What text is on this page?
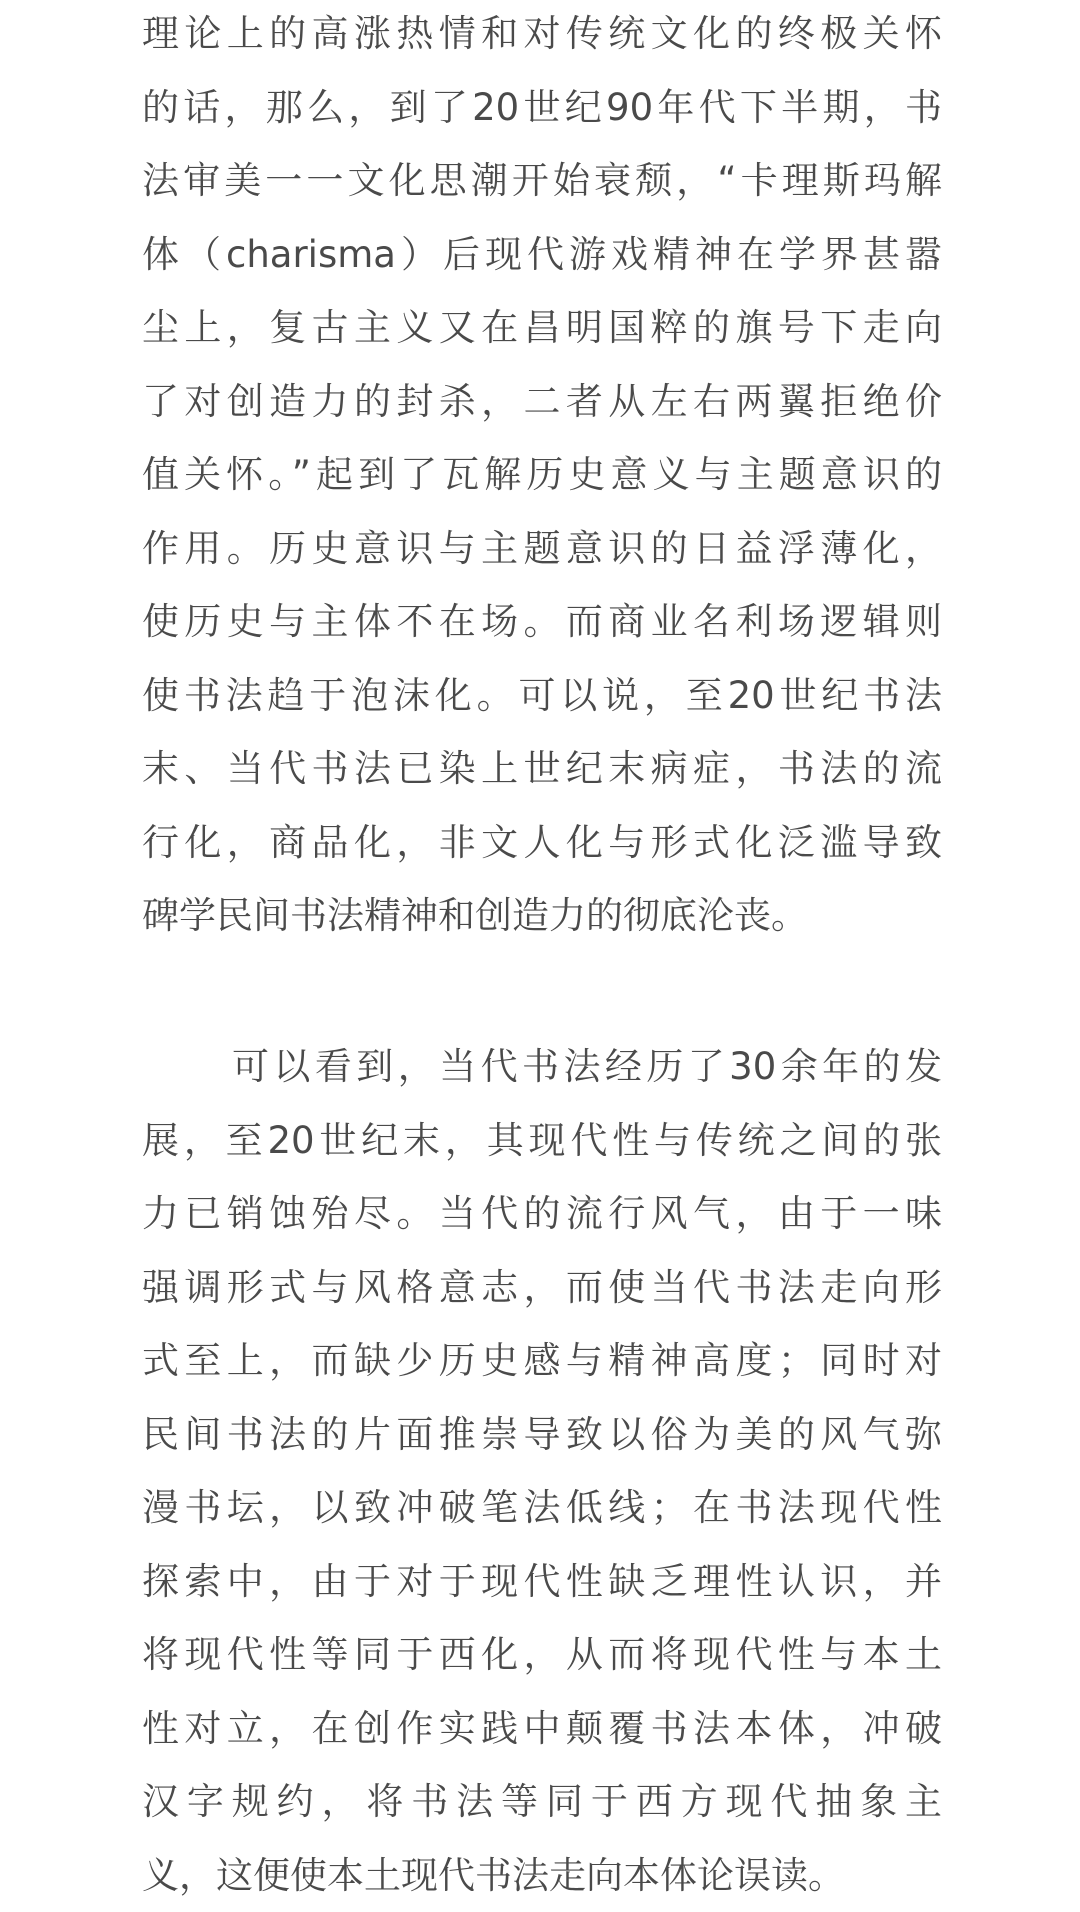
理论上的高涨热情和对传统文化的终极关怀
的话，那么，到了20世纪90年代下半期，书
法审美一一文化思潮开始衰颓，“卡理斯玛解
体（charisma）后现代游戏精神在学界甚嚣
尘上，复古主义又在昌明国粹的旗号下走向
了对创造力的封杀，二者从左右两翼拒绝价
值关怀。”起到了瓦解历史意义与主题意识的
作用。历史意识与主题意识的日益浮薄化，
使历史与主体不在场。而商业名利场逻辑则
使书法趋于泡沫化。可以说，至20世纪书法
末、当代书法已染上世纪末病症，书法的流
行化，商品化，非文人化与形式化泛滥导致
碑学民间书法精神和创造力的彻底沦丧。
可以看到，当代书法经历了30余年的发
展，至20世纪末，其现代性与传统之间的张
力已销蚀殆尽。当代的流行风气，由于一味
强调形式与风格意志，而使当代书法走向形
式至上，而缺少历史感与精神高度；同时对
民间书法的片面推崇导致以俗为美的风气弥
漫书坛，以致冲破笔法低线；在书法现代性
探索中，由于对于现代性缺乏理性认识，并
将现代性等同于西化，从而将现代性与本土
性对立，在创作实践中颠覆书法本体，冲破
汉字规约，将书法等同于西方现代抽象主
义，这便使本土现代书法走向本体论误读。
